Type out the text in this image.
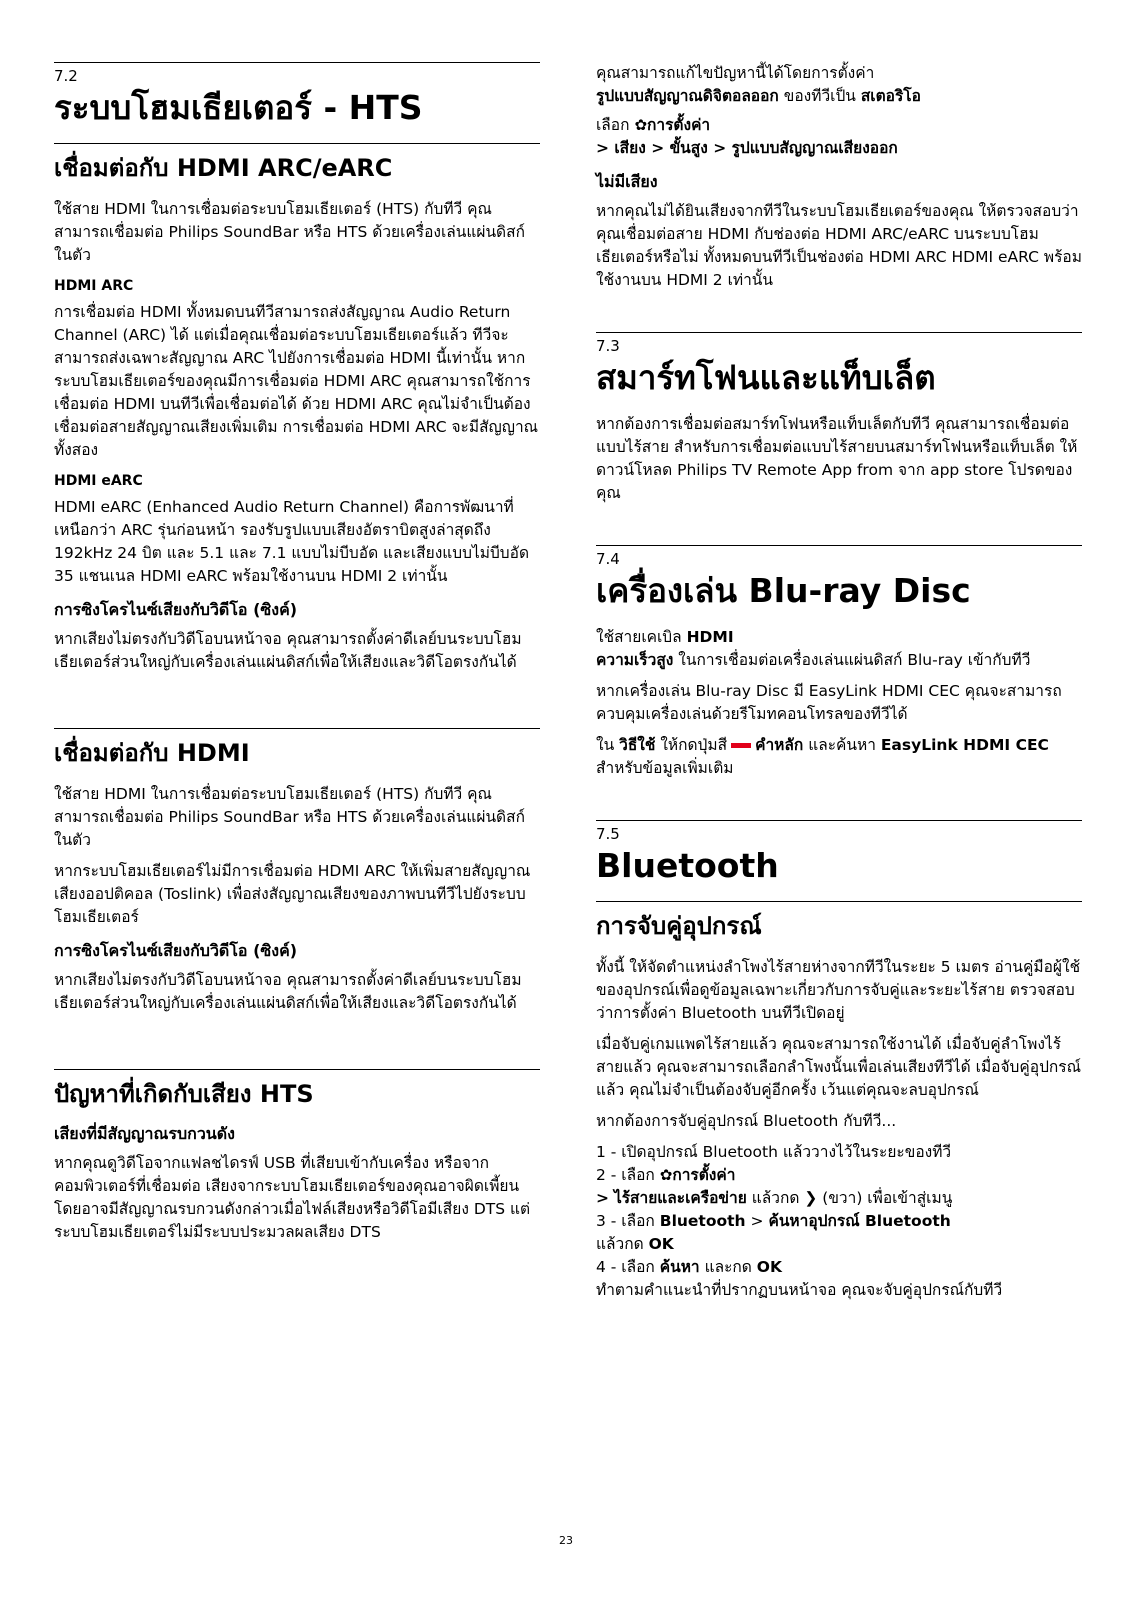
7.2
ระบบโฮมเธียเตอร์ - HTS
เชื่อมต่อกับ HDMI ARC/eARC

ใช้สาย HDMI ในการเชื่อมต่อระบบโฮมเธียเตอร์ (HTS) กับทีวี คุณสามารถเชื่อมต่อ Philips SoundBar หรือ HTS ด้วยเครื่องเล่นแผ่นดิสก์ในตัว

HDMI ARC

การเชื่อมต่อ HDMI ทั้งหมดบนทีวีสามารถส่งสัญญาณ Audio Return Channel (ARC) ได้ แต่เมื่อคุณเชื่อมต่อระบบโฮมเธียเตอร์แล้ว ทีวีจะสามารถส่งเฉพาะสัญญาณ ARC ไปยังการเชื่อมต่อ HDMI นี้เท่านั้น หากระบบโฮมเธียเตอร์ของคุณมีการเชื่อมต่อ HDMI ARC คุณสามารถใช้การเชื่อมต่อ HDMI บนทีวีเพื่อเชื่อมต่อได้ ด้วย HDMI ARC คุณไม่จำเป็นต้องเชื่อมต่อสายสัญญาณเสียงเพิ่มเติม การเชื่อมต่อ HDMI ARC จะมีสัญญาณทั้งสอง

HDMI eARC

HDMI eARC (Enhanced Audio Return Channel) คือการพัฒนาที่เหนือกว่า ARC รุ่นก่อนหน้า รองรับรูปแบบเสียงอัตราบิตสูงล่าสุดถึง 192kHz 24 บิต และ 5.1 และ 7.1 แบบไม่บีบอัด และเสียงแบบไม่บีบอัด 35 แชนเนล HDMI eARC พร้อมใช้งานบน HDMI 2 เท่านั้น

การซิงโครไนซ์เสียงกับวิดีโอ (ซิงค์)

หากเสียงไม่ตรงกับวิดีโอบนหน้าจอ คุณสามารถตั้งค่าดีเลย์บนระบบโฮมเธียเตอร์ส่วนใหญ่กับเครื่องเล่นแผ่นดิสก์เพื่อให้เสียงและวิดีโอตรงกันได้

เชื่อมต่อกับ HDMI

ใช้สาย HDMI ในการเชื่อมต่อระบบโฮมเธียเตอร์ (HTS) กับทีวี คุณสามารถเชื่อมต่อ Philips SoundBar หรือ HTS ด้วยเครื่องเล่นแผ่นดิสก์ในตัว

หากระบบโฮมเธียเตอร์ไม่มีการเชื่อมต่อ HDMI ARC ให้เพิ่มสายสัญญาณเสียงออปติคอล (Toslink) เพื่อส่งสัญญาณเสียงของภาพบนทีวีไปยังระบบโฮมเธียเตอร์

การซิงโครไนซ์เสียงกับวิดีโอ (ซิงค์)

หากเสียงไม่ตรงกับวิดีโอบนหน้าจอ คุณสามารถตั้งค่าดีเลย์บนระบบโฮมเธียเตอร์ส่วนใหญ่กับเครื่องเล่นแผ่นดิสก์เพื่อให้เสียงและวิดีโอตรงกันได้

ปัญหาที่เกิดกับเสียง HTS
เสียงที่มีสัญญาณรบกวนดัง

หากคุณดูวิดีโอจากแฟลชไดรฟ์ USB ที่เสียบเข้ากับเครื่อง หรือจากคอมพิวเตอร์ที่เชื่อมต่อ เสียงจากระบบโฮมเธียเตอร์ของคุณอาจผิดเพี้ยน โดยอาจมีสัญญาณรบกวนดังกล่าวเมื่อไฟล์เสียงหรือวิดีโอมีเสียง DTS แต่ระบบโฮมเธียเตอร์ไม่มีระบบประมวลผลเสียง DTS

คุณสามารถแก้ไขปัญหานี้ได้โดยการตั้งค่า
รูปแบบสัญญาณดิจิตอลออก ของทีวีเป็น สเตอริโอ

เลือก ✿การตั้งค่า
> เสียง > ขั้นสูง > รูปแบบสัญญาณเสียงออก

ไม่มีเสียง

หากคุณไม่ได้ยินเสียงจากทีวีในระบบโฮมเธียเตอร์ของคุณ ให้ตรวจสอบว่าคุณเชื่อมต่อสาย HDMI กับช่องต่อ HDMI ARC/eARC บนระบบโฮมเธียเตอร์หรือไม่ ทั้งหมดบนทีวีเป็นช่องต่อ HDMI ARC HDMI eARC พร้อมใช้งานบน HDMI 2 เท่านั้น

7.3
สมาร์ทโฟนและแท็บเล็ต

หากต้องการเชื่อมต่อสมาร์ทโฟนหรือแท็บเล็ตกับทีวี คุณสามารถเชื่อมต่อแบบไร้สาย สำหรับการเชื่อมต่อแบบไร้สายบนสมาร์ทโฟนหรือแท็บเล็ต ให้ดาวน์โหลด Philips TV Remote App from จาก app store โปรดของคุณ

7.4
เครื่องเล่น Blu-ray Disc

ใช้สายเคเบิล HDMI
ความเร็วสูง ในการเชื่อมต่อเครื่องเล่นแผ่นดิสก์ Blu-ray เข้ากับทีวี

หากเครื่องเล่น Blu-ray Disc มี EasyLink HDMI CEC คุณจะสามารถควบคุมเครื่องเล่นด้วยรีโมทคอนโทรลของทีวีได้

ใน วิธีใช้ ให้กดปุ่มสี คำหลัก และค้นหา EasyLink HDMI CEC สำหรับข้อมูลเพิ่มเติม

7.5
Bluetooth
การจับคู่อุปกรณ์

ทั้งนี้ ให้จัดตำแหน่งลำโพงไร้สายห่างจากทีวีในระยะ 5 เมตร อ่านคู่มือผู้ใช้ของอุปกรณ์เพื่อดูข้อมูลเฉพาะเกี่ยวกับการจับคู่และระยะไร้สาย ตรวจสอบว่าการตั้งค่า Bluetooth บนทีวีเปิดอยู่

เมื่อจับคู่เกมแพดไร้สายแล้ว คุณจะสามารถใช้งานได้ เมื่อจับคู่ลำโพงไร้สายแล้ว คุณจะสามารถเลือกลำโพงนั้นเพื่อเล่นเสียงทีวีได้ เมื่อจับคู่อุปกรณ์แล้ว คุณไม่จำเป็นต้องจับคู่อีกครั้ง เว้นแต่คุณจะลบอุปกรณ์

หากต้องการจับคู่อุปกรณ์ Bluetooth กับทีวี...

1 - เปิดอุปกรณ์ Bluetooth แล้ววางไว้ในระยะของทีวี

2 - เลือก ✿การตั้งค่า
> ไร้สายและเครือข่าย แล้วกด ❯ (ขวา) เพื่อเข้าสู่เมนู

3 - เลือก Bluetooth > ค้นหาอุปกรณ์ Bluetooth
แล้วกด OK

4 - เลือก ค้นหา และกด OK
ทำตามคำแนะนำที่ปรากฏบนหน้าจอ คุณจะจับคู่อุปกรณ์กับทีวี

23
